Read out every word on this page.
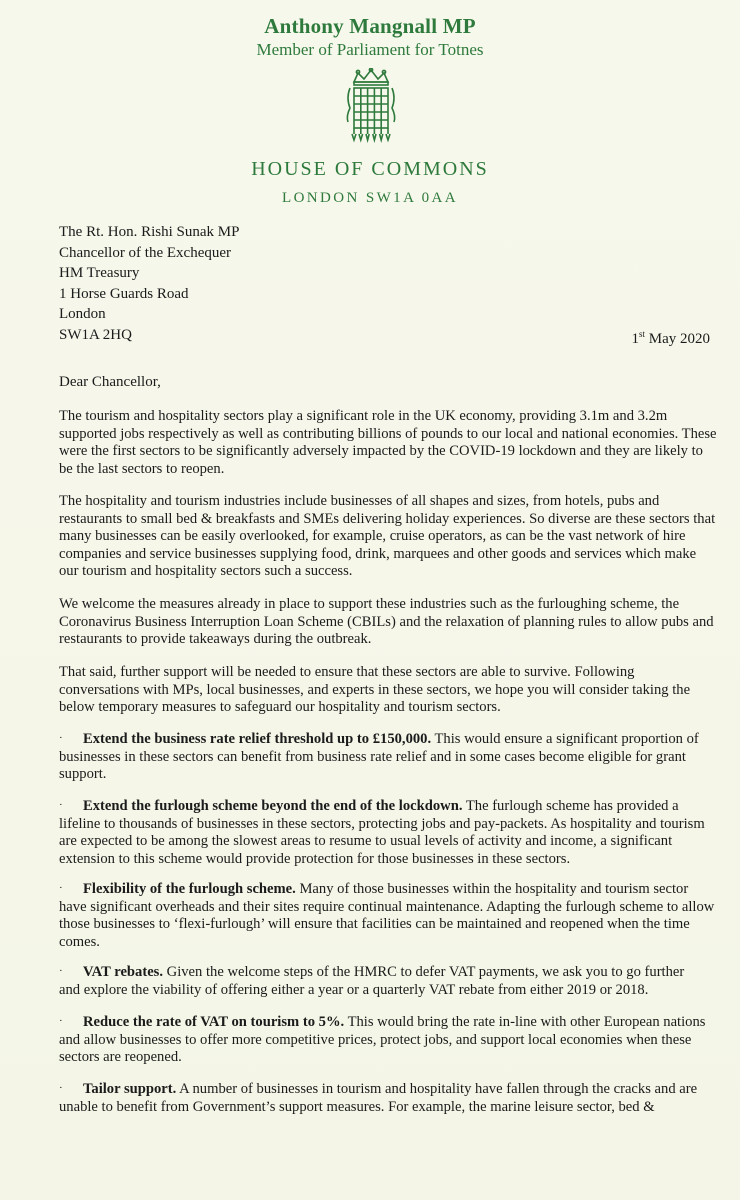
Anthony Mangnall MP
Member of Parliament for Totnes
HOUSE OF COMMONS
LONDON SW1A 0AA
The Rt. Hon. Rishi Sunak MP
Chancellor of the Exchequer
HM Treasury
1 Horse Guards Road
London
SW1A 2HQ	1st May 2020
Dear Chancellor,
The tourism and hospitality sectors play a significant role in the UK economy, providing 3.1m and 3.2m
supported jobs respectively as well as contributing billions of pounds to our local and national economies. These
were the first sectors to be significantly adversely impacted by the COVID-19 lockdown and they are likely to
be the last sectors to reopen.
The hospitality and tourism industries include businesses of all shapes and sizes, from hotels, pubs and
restaurants to small bed & breakfasts and SMEs delivering holiday experiences. So diverse are these sectors that
many businesses can be easily overlooked, for example, cruise operators, as can be the vast network of hire
companies and service businesses supplying food, drink, marquees and other goods and services which make
our tourism and hospitality sectors such a success.
We welcome the measures already in place to support these industries such as the furloughing scheme, the
Coronavirus Business Interruption Loan Scheme (CBILs) and the relaxation of planning rules to allow pubs and
restaurants to provide takeaways during the outbreak.
That said, further support will be needed to ensure that these sectors are able to survive. Following
conversations with MPs, local businesses, and experts in these sectors, we hope you will consider taking the
below temporary measures to safeguard our hospitality and tourism sectors.
· Extend the business rate relief threshold up to £150,000. This would ensure a significant proportion of
businesses in these sectors can benefit from business rate relief and in some cases become eligible for grant
support.
· Extend the furlough scheme beyond the end of the lockdown. The furlough scheme has provided a
lifeline to thousands of businesses in these sectors, protecting jobs and pay-packets. As hospitality and tourism
are expected to be among the slowest areas to resume to usual levels of activity and income, a significant
extension to this scheme would provide protection for those businesses in these sectors.
· Flexibility of the furlough scheme. Many of those businesses within the hospitality and tourism sector
have significant overheads and their sites require continual maintenance. Adapting the furlough scheme to allow
those businesses to ‘flexi-furlough’ will ensure that facilities can be maintained and reopened when the time
comes.
· VAT rebates. Given the welcome steps of the HMRC to defer VAT payments, we ask you to go further
and explore the viability of offering either a year or a quarterly VAT rebate from either 2019 or 2018.
· Reduce the rate of VAT on tourism to 5%. This would bring the rate in-line with other European nations
and allow businesses to offer more competitive prices, protect jobs, and support local economies when these
sectors are reopened.
· Tailor support. A number of businesses in tourism and hospitality have fallen through the cracks and are
unable to benefit from Government’s support measures. For example, the marine leisure sector, bed &
